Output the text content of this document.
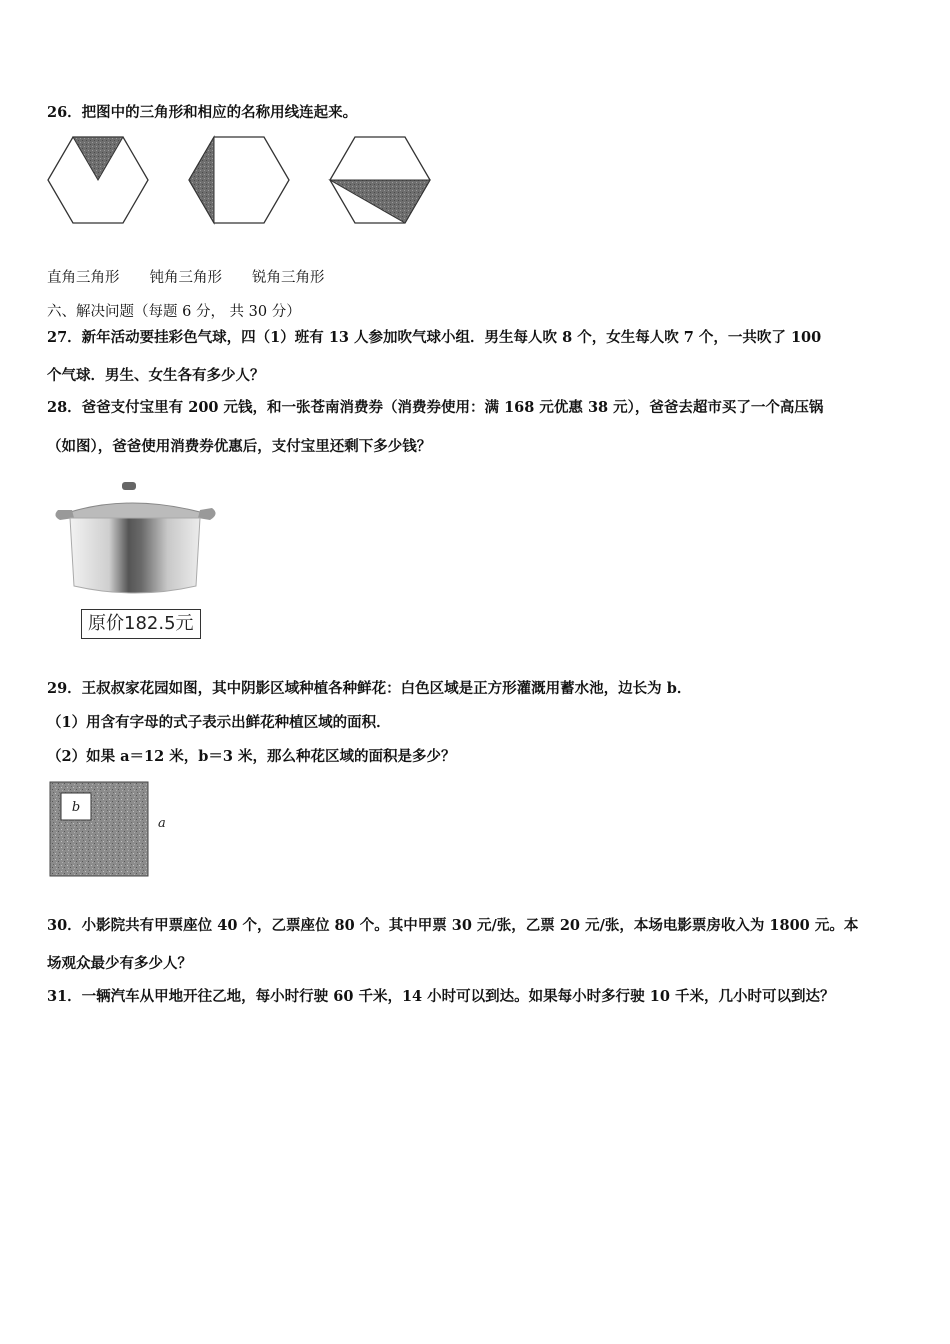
26．把图中的三角形和相应的名称用线连起来。
直角三角形 钝角三角形 锐角三角形
六、解决问题（每题 6 分， 共 30 分）
27．新年活动要挂彩色气球，四（1）班有 13 人参加吹气球小组．男生每人吹 8 个，女生每人吹 7 个，一共吹了 100
个气球．男生、女生各有多少人？
28．爸爸支付宝里有 200 元钱，和一张苍南消费券（消费券使用：满 168 元优惠 38 元），爸爸去超市买了一个高压锅
（如图），爸爸使用消费券优惠后，支付宝里还剩下多少钱？
原价182.5元
29．王叔叔家花园如图，其中阴影区域种植各种鲜花：白色区域是正方形灌溉用蓄水池，边长为 b．
（1）用含有字母的式子表示出鲜花种植区域的面积．
（2）如果 a＝12 米，b＝3 米，那么种花区域的面积是多少？
b
a
30．小影院共有甲票座位 40 个，乙票座位 80 个。其中甲票 30 元/张，乙票 20 元/张，本场电影票房收入为 1800 元。本
场观众最少有多少人？
31．一辆汽车从甲地开往乙地，每小时行驶 60 千米，14 小时可以到达。如果每小时多行驶 10 千米，几小时可以到达？
